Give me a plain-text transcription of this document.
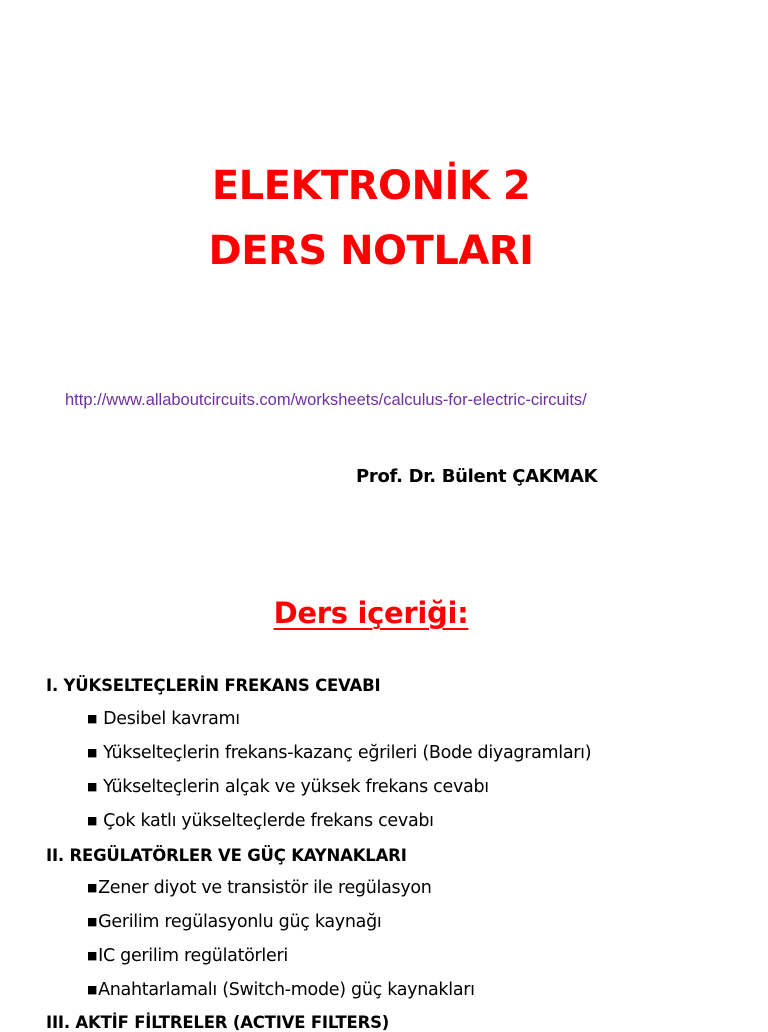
ELEKTRONİK 2
DERS NOTLARI
http://www.allaboutcircuits.com/worksheets/calculus-for-electric-circuits/
Prof. Dr. Bülent ÇAKMAK
Ders içeriği:
I. YÜKSELTEÇLERİN FREKANS CEVABI
■ Desibel kavramı
■ Yükselteçlerin frekans-kazanç eğrileri (Bode diyagramları)
■ Yükselteçlerin alçak ve yüksek frekans cevabı
■ Çok katlı yükselteçlerde frekans cevabı
II. REGÜLATÖRLER VE GÜÇ KAYNAKLARI
■Zener diyot ve transistör ile regülasyon
■Gerilim regülasyonlu güç kaynağı
■IC gerilim regülatörleri
■Anahtarlamalı (Switch-mode) güç kaynakları
III. AKTİF FİLTRELER (ACTIVE FILTERS)
